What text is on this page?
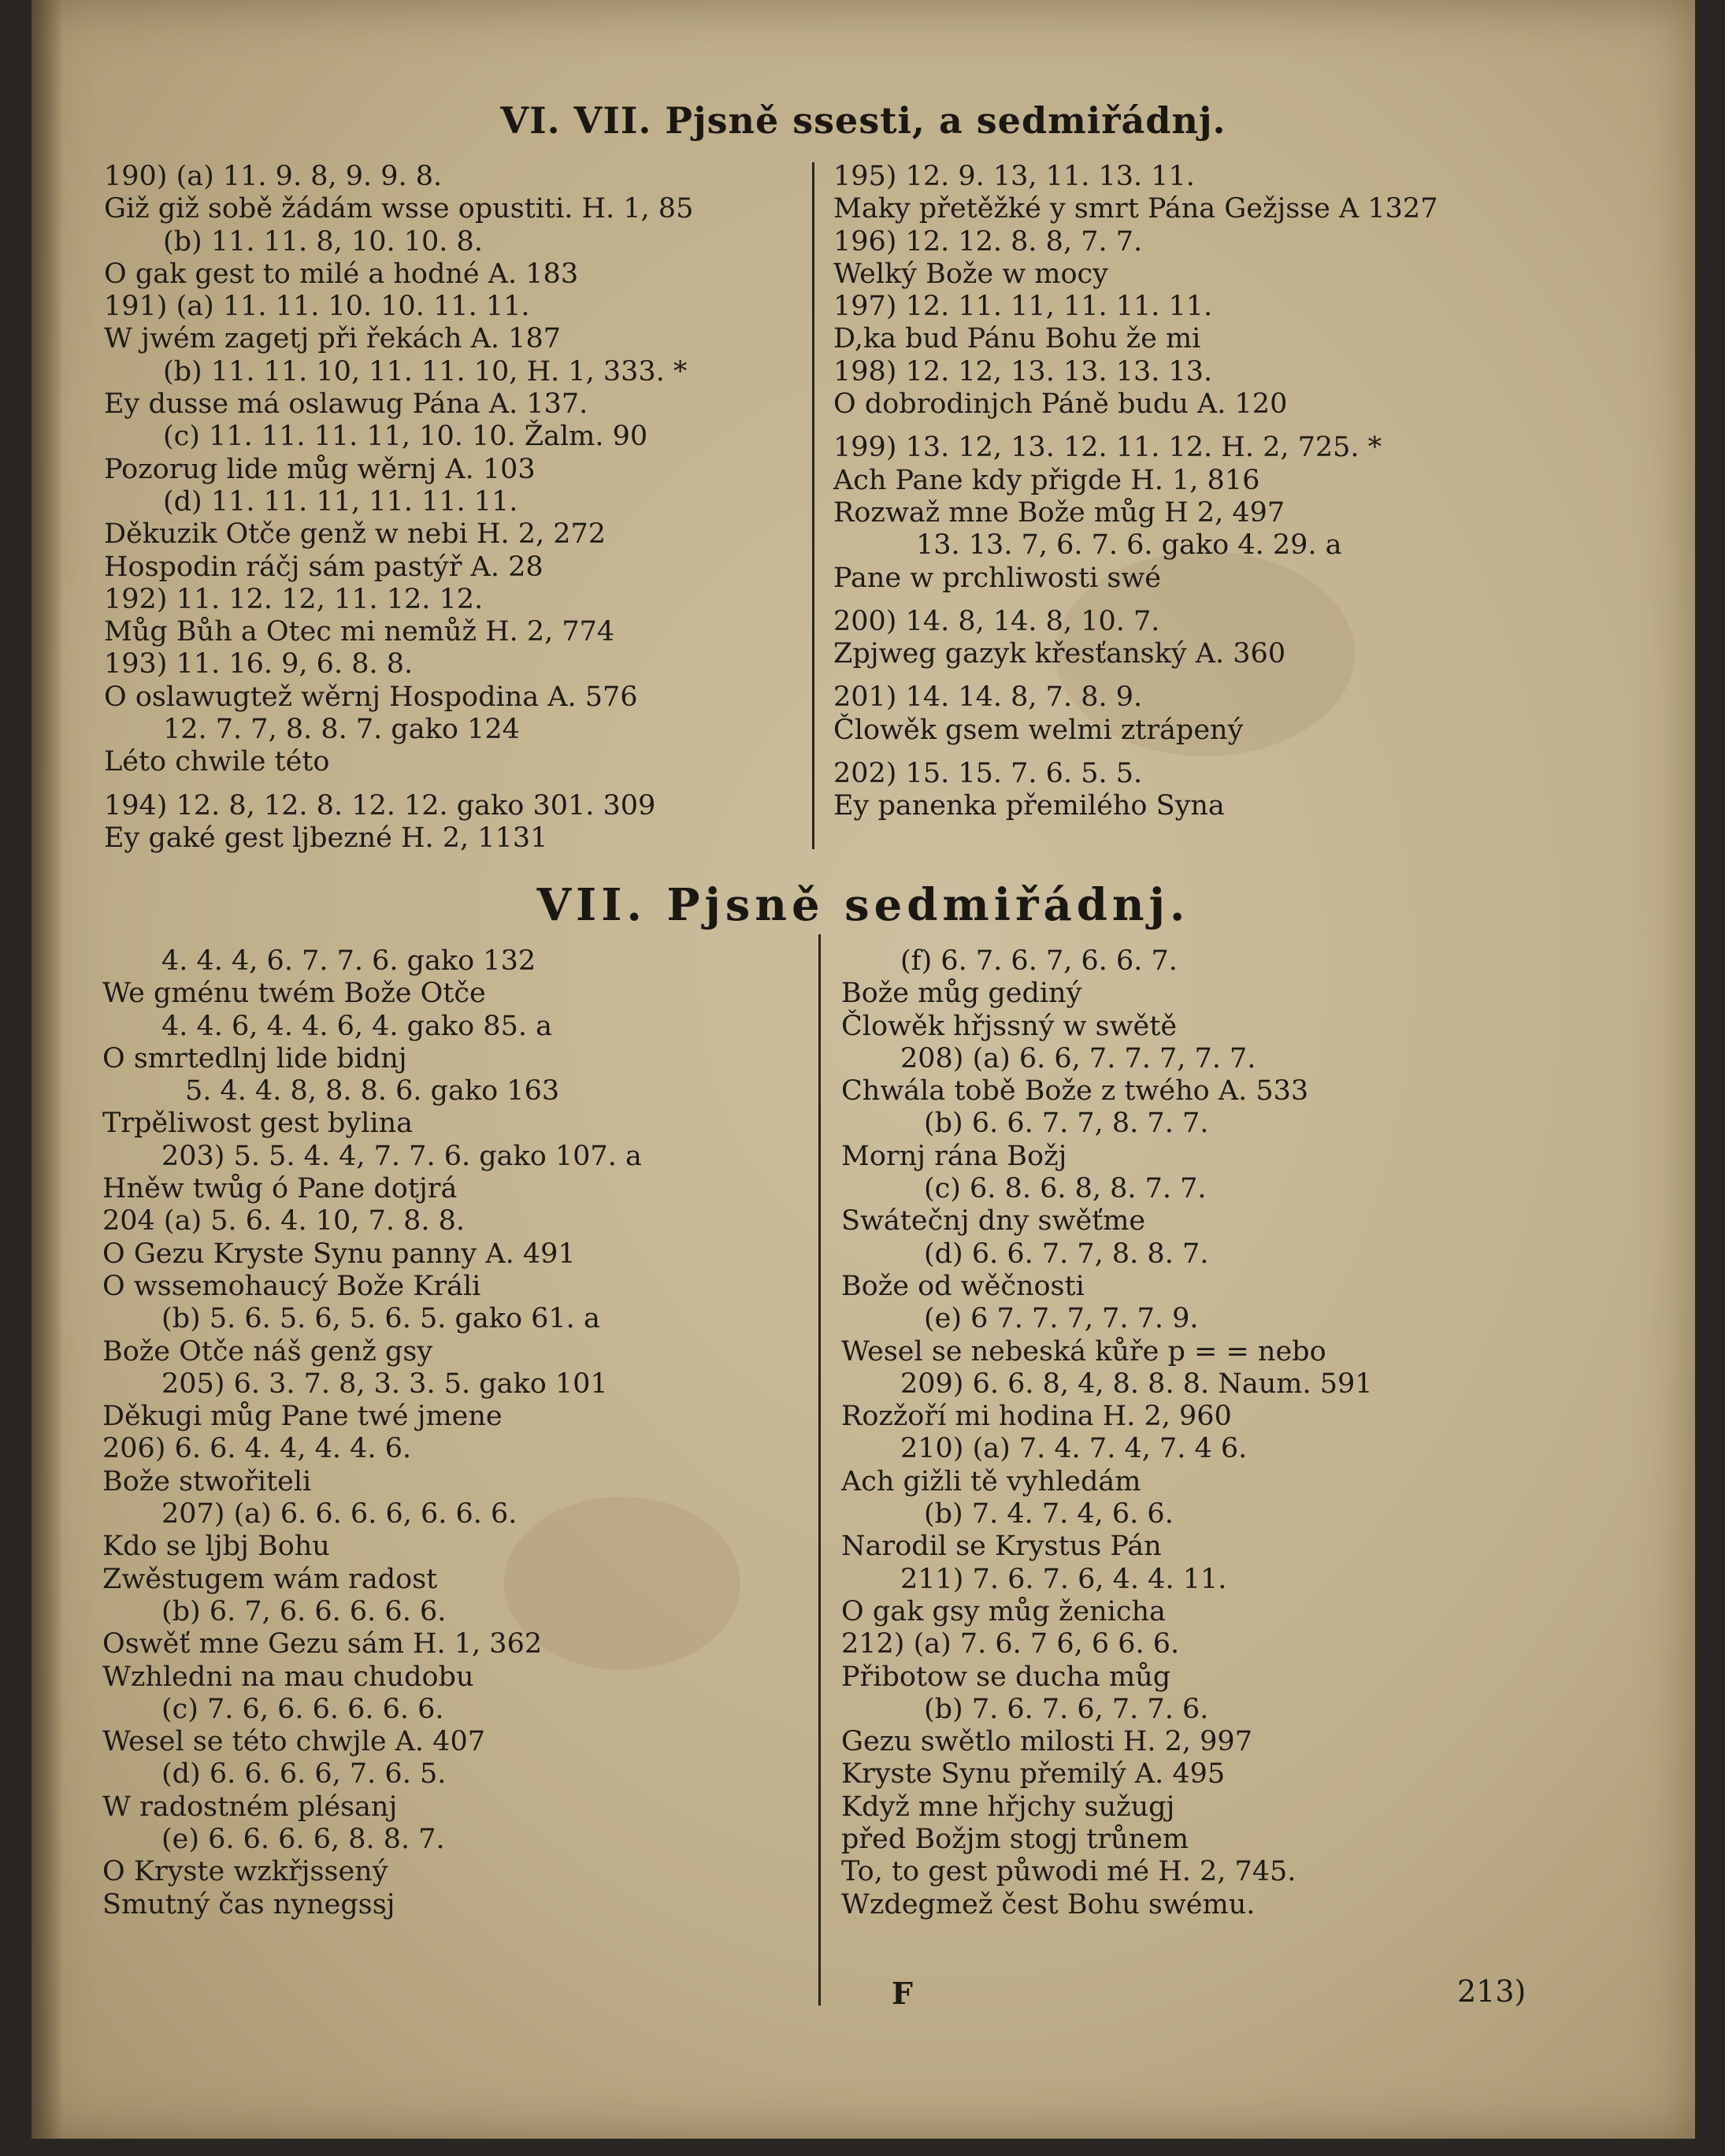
VI. VII. Pjsně ssesti, a sedmiřádnj.
190) (a) 11. 9. 8, 9. 9. 8.
Giž giž sobě žádám wsse opustiti. H. 1, 85
(b) 11. 11. 8, 10. 10. 8.
O gak gest to milé a hodné A. 183
191) (a) 11. 11. 10. 10. 11. 11.
W jwém zagetj při řekách A. 187
(b) 11. 11. 10, 11. 11. 10, H. 1, 333. *
Ey dusse má oslawug Pána A. 137.
(c) 11. 11. 11. 11, 10. 10. Žalm. 90
Pozorug lide můg wěrnj A. 103
(d) 11. 11. 11, 11. 11. 11.
Děkuzik Otče genž w nebi H. 2, 272
Hospodin ráčj sám pastýř A. 28
192) 11. 12. 12, 11. 12. 12.
Můg Bůh a Otec mi nemůž H. 2, 774
193) 11. 16. 9, 6. 8. 8.
O oslawugtež wěrnj Hospodina A. 576
12. 7. 7, 8. 8. 7. gako 124
Léto chwile této
194) 12. 8, 12. 8. 12. 12. gako 301. 309
Ey gaké gest ljbezné H. 2, 1131
195) 12. 9. 13, 11. 13. 11.
Maky přetěžké y smrt Pána Gežjsse A 1327
196) 12. 12. 8. 8, 7. 7.
Welký Bože w mocy
197) 12. 11. 11, 11. 11. 11.
D,ka bud Pánu Bohu že mi
198) 12. 12, 13. 13. 13. 13.
O dobrodinjch Páně budu A. 120
199) 13. 12, 13. 12. 11. 12. H. 2, 725. *
Ach Pane kdy přigde H. 1, 816
Rozwaž mne Bože můg H 2, 497
13. 13. 7, 6. 7. 6. gako 4. 29. a
Pane w prchliwosti swé
200) 14. 8, 14. 8, 10. 7.
Zpjweg gazyk křesťanský A. 360
201) 14. 14. 8, 7. 8. 9.
Člowěk gsem welmi ztrápený
202) 15. 15. 7. 6. 5. 5.
Ey panenka přemilého Syna
VII. Pjsně sedmiřádnj.
4. 4. 4, 6. 7. 7. 6. gako 132
We gménu twém Bože Otče
4. 4. 6, 4. 4. 6, 4. gako 85. a
O smrtedlnj lide bidnj
5. 4. 4. 8, 8. 8. 6. gako 163
Trpěliwost gest bylina
203) 5. 5. 4. 4, 7. 7. 6. gako 107. a
Hněw twůg ó Pane dotjrá
204 (a) 5. 6. 4. 10, 7. 8. 8.
O Gezu Kryste Synu panny A. 491
O wssemohaucý Bože Králi
(b) 5. 6. 5. 6, 5. 6. 5. gako 61. a
Bože Otče náš genž gsy
205) 6. 3. 7. 8, 3. 3. 5. gako 101
Děkugi můg Pane twé jmene
206) 6. 6. 4. 4, 4. 4. 6.
Bože stwořiteli
207) (a) 6. 6. 6. 6, 6. 6. 6.
Kdo se ljbj Bohu
Zwěstugem wám radost
(b) 6. 7, 6. 6. 6. 6. 6.
Oswěť mne Gezu sám H. 1, 362
Wzhledni na mau chudobu
(c) 7. 6, 6. 6. 6. 6. 6.
Wesel se této chwjle A. 407
(d) 6. 6. 6. 6, 7. 6. 5.
W radostném plésanj
(e) 6. 6. 6. 6, 8. 8. 7.
O Kryste wzkřjssený
Smutný čas nynegssj
(f) 6. 7. 6. 7, 6. 6. 7.
Bože můg gediný
Člowěk hřjssný w swětě
208) (a) 6. 6, 7. 7. 7, 7. 7.
Chwála tobě Bože z twého A. 533
(b) 6. 6. 7. 7, 8. 7. 7.
Mornj rána Božj
(c) 6. 8. 6. 8, 8. 7. 7.
Swátečnj dny swěťme
(d) 6. 6. 7. 7, 8. 8. 7.
Bože od wěčnosti
(e) 6 7. 7. 7, 7. 7. 9.
Wesel se nebeská kůře p = = nebo
209) 6. 6. 8, 4, 8. 8. 8. Naum. 591
Rozžoří mi hodina H. 2, 960
210) (a) 7. 4. 7. 4, 7. 4 6.
Ach gižli tě vyhledám
(b) 7. 4. 7. 4, 6. 6.
Narodil se Krystus Pán
211) 7. 6. 7. 6, 4. 4. 11.
O gak gsy můg ženicha
212) (a) 7. 6. 7 6, 6 6. 6.
Přibotow se ducha můg
(b) 7. 6. 7. 6, 7. 7. 6.
Gezu swětlo milosti H. 2, 997
Kryste Synu přemilý A. 495
Když mne hřjchy sužugj
před Božjm stogj trůnem
To, to gest půwodi mé H. 2, 745.
Wzdegmež čest Bohu swému.
F	213)
